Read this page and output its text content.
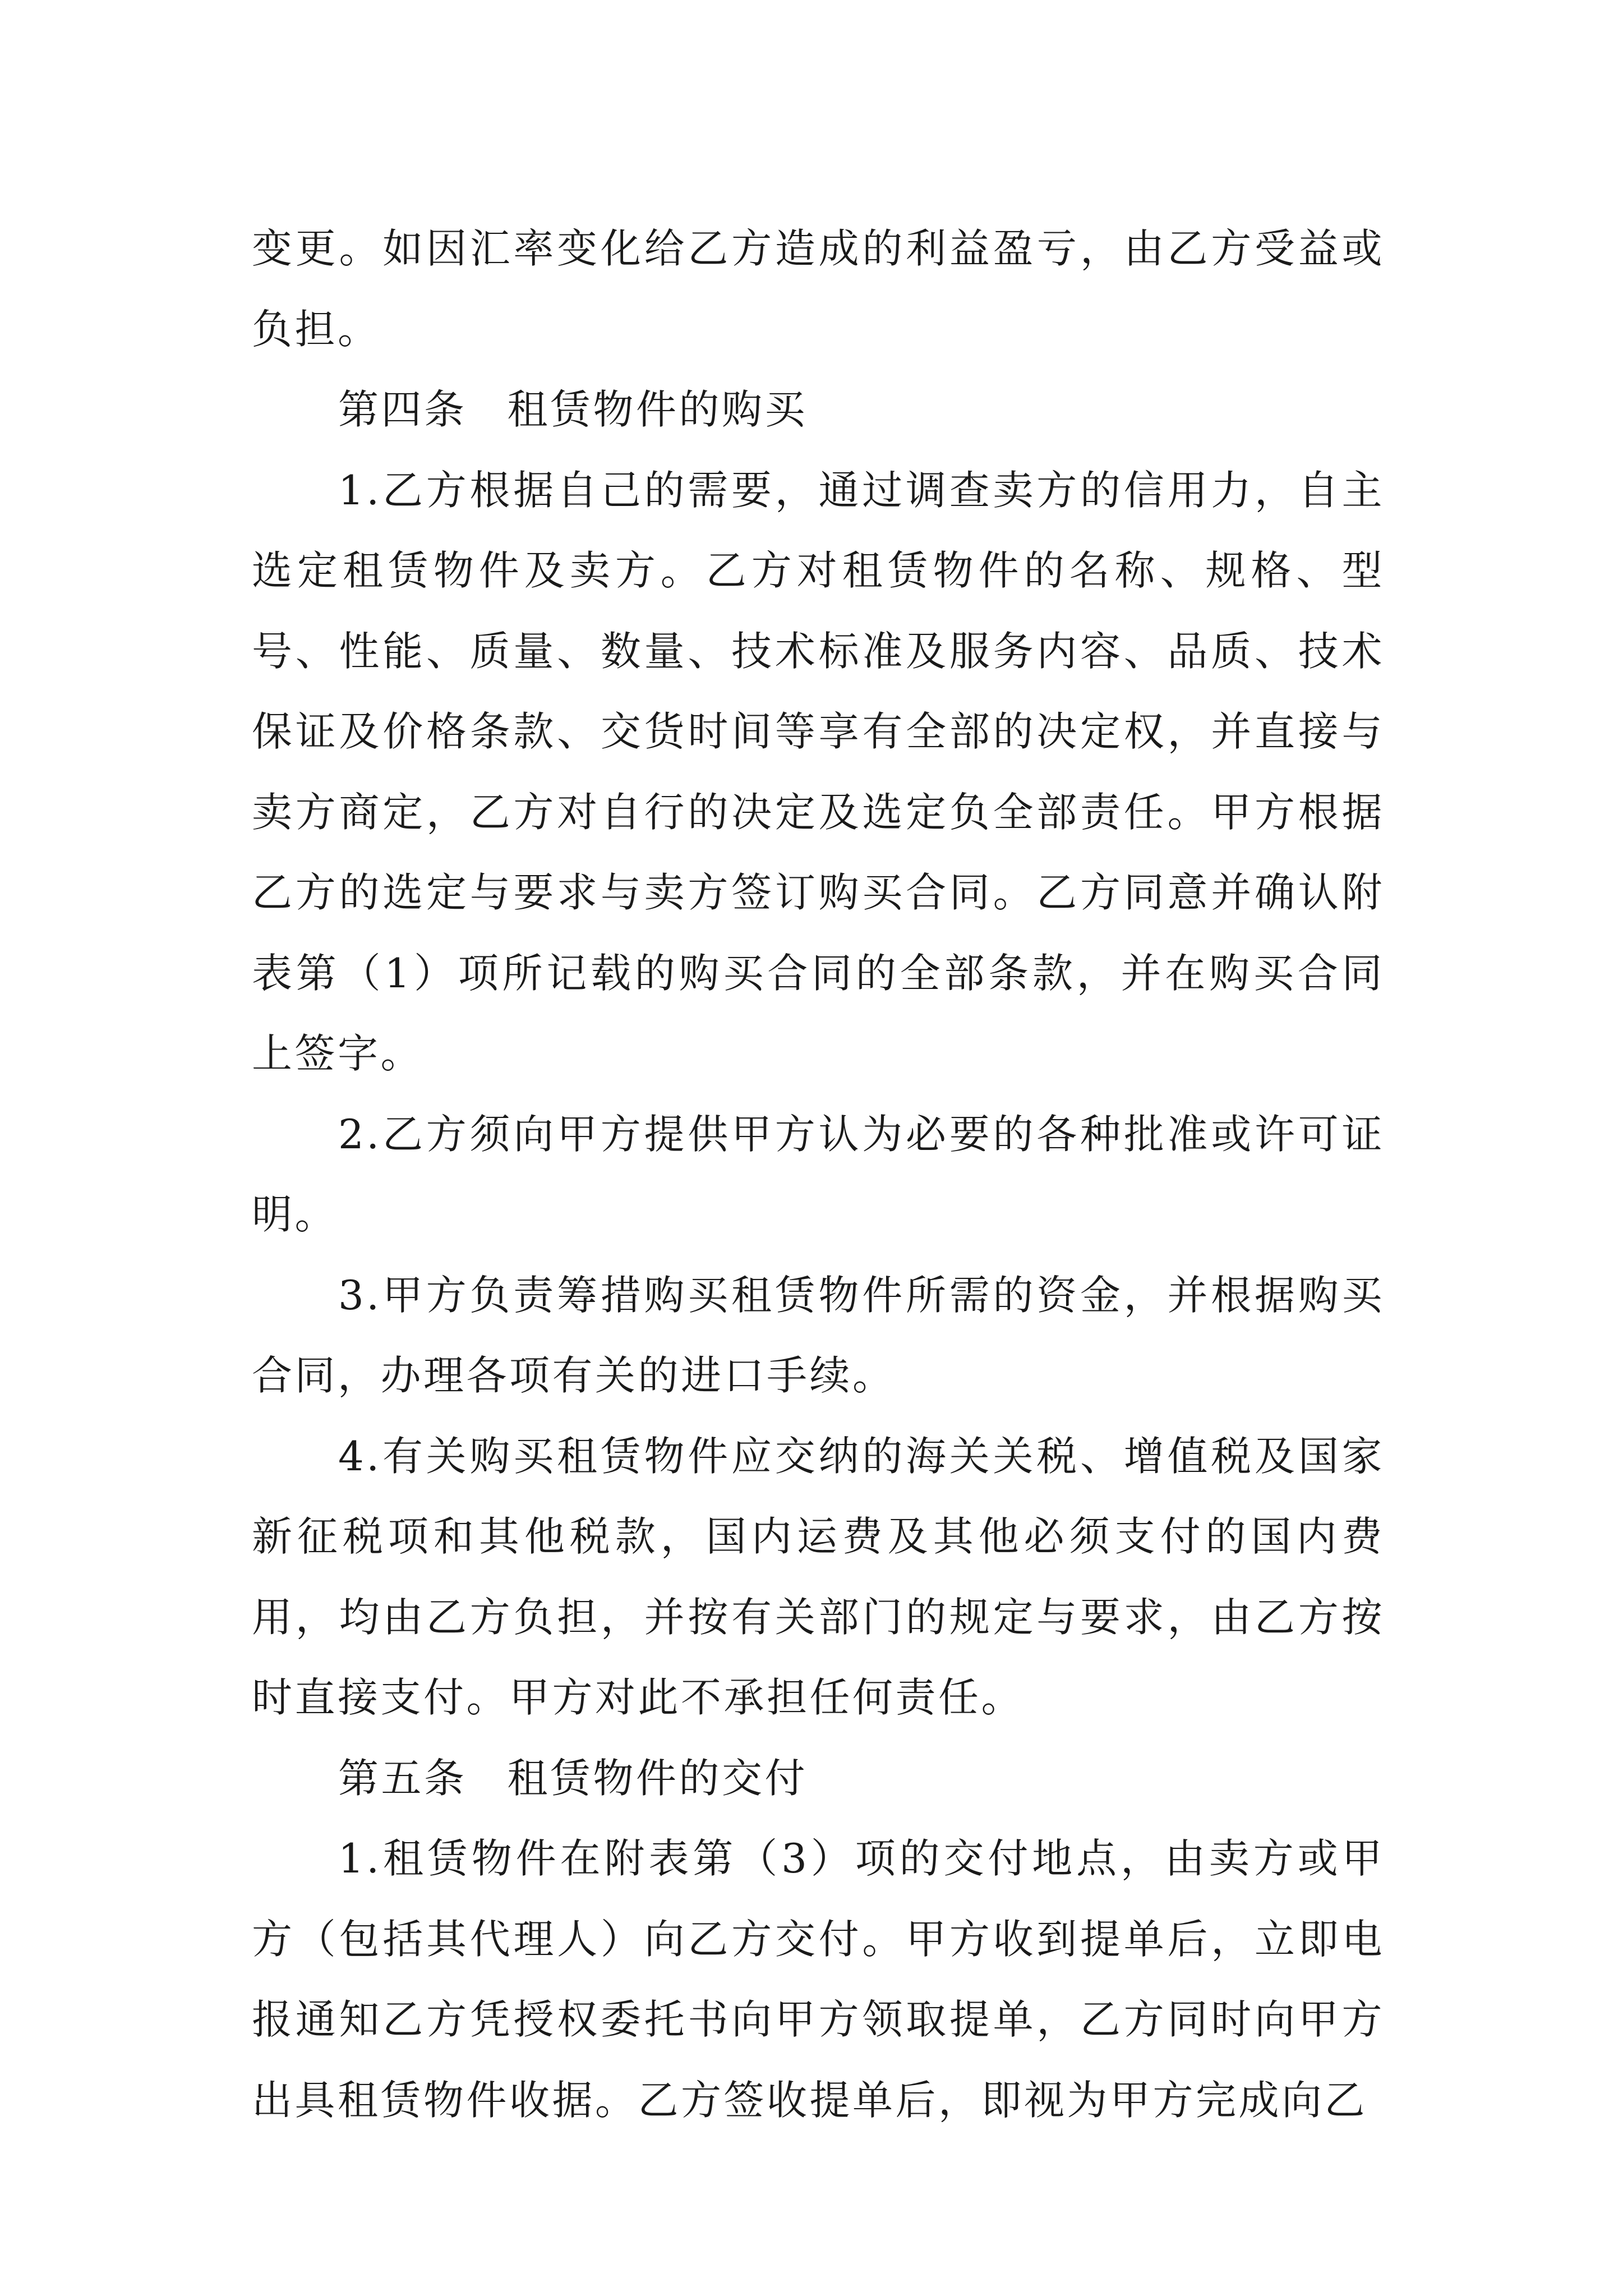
变更。如因汇率变化给乙方造成的利益盈亏，由乙方受益或负担。

第四条 租赁物件的购买

1.乙方根据自己的需要，通过调查卖方的信用力，自主选定租赁物件及卖方。乙方对租赁物件的名称、规格、型号、性能、质量、数量、技术标准及服务内容、品质、技术保证及价格条款、交货时间等享有全部的决定权，并直接与卖方商定，乙方对自行的决定及选定负全部责任。甲方根据乙方的选定与要求与卖方签订购买合同。乙方同意并确认附表第（1）项所记载的购买合同的全部条款，并在购买合同上签字。

2.乙方须向甲方提供甲方认为必要的各种批准或许可证明。

3.甲方负责筹措购买租赁物件所需的资金，并根据购买合同，办理各项有关的进口手续。

4.有关购买租赁物件应交纳的海关关税、增值税及国家新征税项和其他税款，国内运费及其他必须支付的国内费用，均由乙方负担，并按有关部门的规定与要求，由乙方按时直接支付。甲方对此不承担任何责任。

第五条 租赁物件的交付

1.租赁物件在附表第（3）项的交付地点，由卖方或甲方（包括其代理人）向乙方交付。甲方收到提单后，立即电报通知乙方凭授权委托书向甲方领取提单，乙方同时向甲方出具租赁物件收据。乙方签收提单后，即视为甲方完成向乙
